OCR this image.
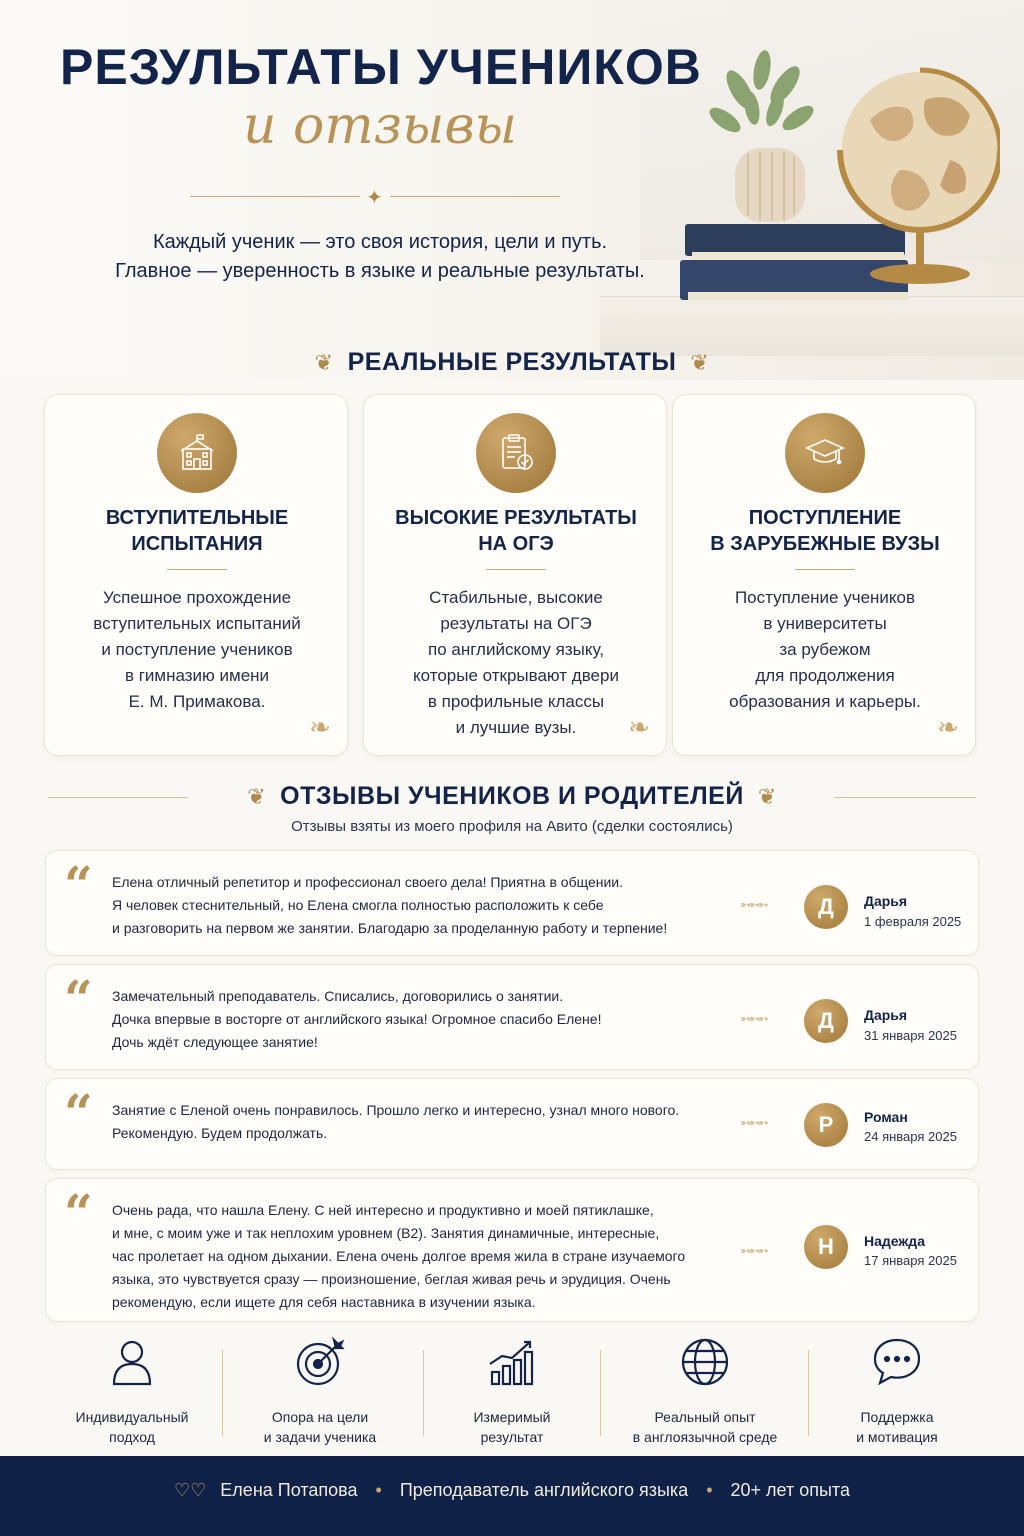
РЕЗУЛЬТАТЫ УЧЕНИКОВ
и отзывы
✦
Каждый ученик — это своя история, цели и путь.
Главное — уверенность в языке и реальные результаты.
❦ РЕАЛЬНЫЕ РЕЗУЛЬТАТЫ ❦
ВСТУПИТЕЛЬНЫЕ
ИСПЫТАНИЯ

Успешное прохождение
вступительных испытаний
и поступление учеников
в гимназию имени
Е. М. Примакова.

❧
ВЫСОКИЕ РЕЗУЛЬТАТЫ
НА ОГЭ

Стабильные, высокие
результаты на ОГЭ
по английскому языку,
которые открывают двери
в профильные классы
и лучшие вузы.	❧
ПОСТУПЛЕНИЕ
В ЗАРУБЕЖНЫЕ ВУЗЫ

Поступление учеников
в университеты
за рубежом
для продолжения
образования и карьеры.

❧
❦ ОТЗЫВЫ УЧЕНИКОВ И РОДИТЕЛЕЙ ❦
Отзывы взяты из моего профиля на Авито (сделки состоялись)
“ Елена отличный репетитор и профессионал своего дела! Приятна в общении.
Я человек стеснительный, но Елена смогла полностью расположить к себе
и разговорить на первом же занятии. Благодарю за проделанную работу и терпение!
➳➳➳	Д	Дарья
1 февраля 2025
“ Замечательный преподаватель. Списались, договорились о занятии.
Дочка впервые в восторге от английского языка! Огромное спасибо Елене!
Дочь ждёт следующее занятие!
➳➳➳	Д	Дарья
31 января 2025
“ Занятие с Еленой очень понравилось. Прошло легко и интересно, узнал много нового.
Рекомендую. Будем продолжать.
➳➳➳	Р	Роман
24 января 2025
“ Очень рада, что нашла Елену. С ней интересно и продуктивно и моей пятиклашке,
и мне, с моим уже и так неплохим уровнем (B2). Занятия динамичные, интересные,
час пролетает на одном дыхании. Елена очень долгое время жила в стране изучаемого
языка, это чувствуется сразу — произношение, беглая живая речь и эрудиция. Очень
рекомендую, если ищете для себя наставника в изучении языка.
➳➳➳	Н	Надежда
17 января 2025
Индивидуальный
подход
Опора на цели
и задачи ученика
Измеримый
результат
Реальный опыт
в англоязычной среде
Поддержка
и мотивация
♡♡ Елена Потапова • Преподаватель английского языка • 20+ лет опыта
